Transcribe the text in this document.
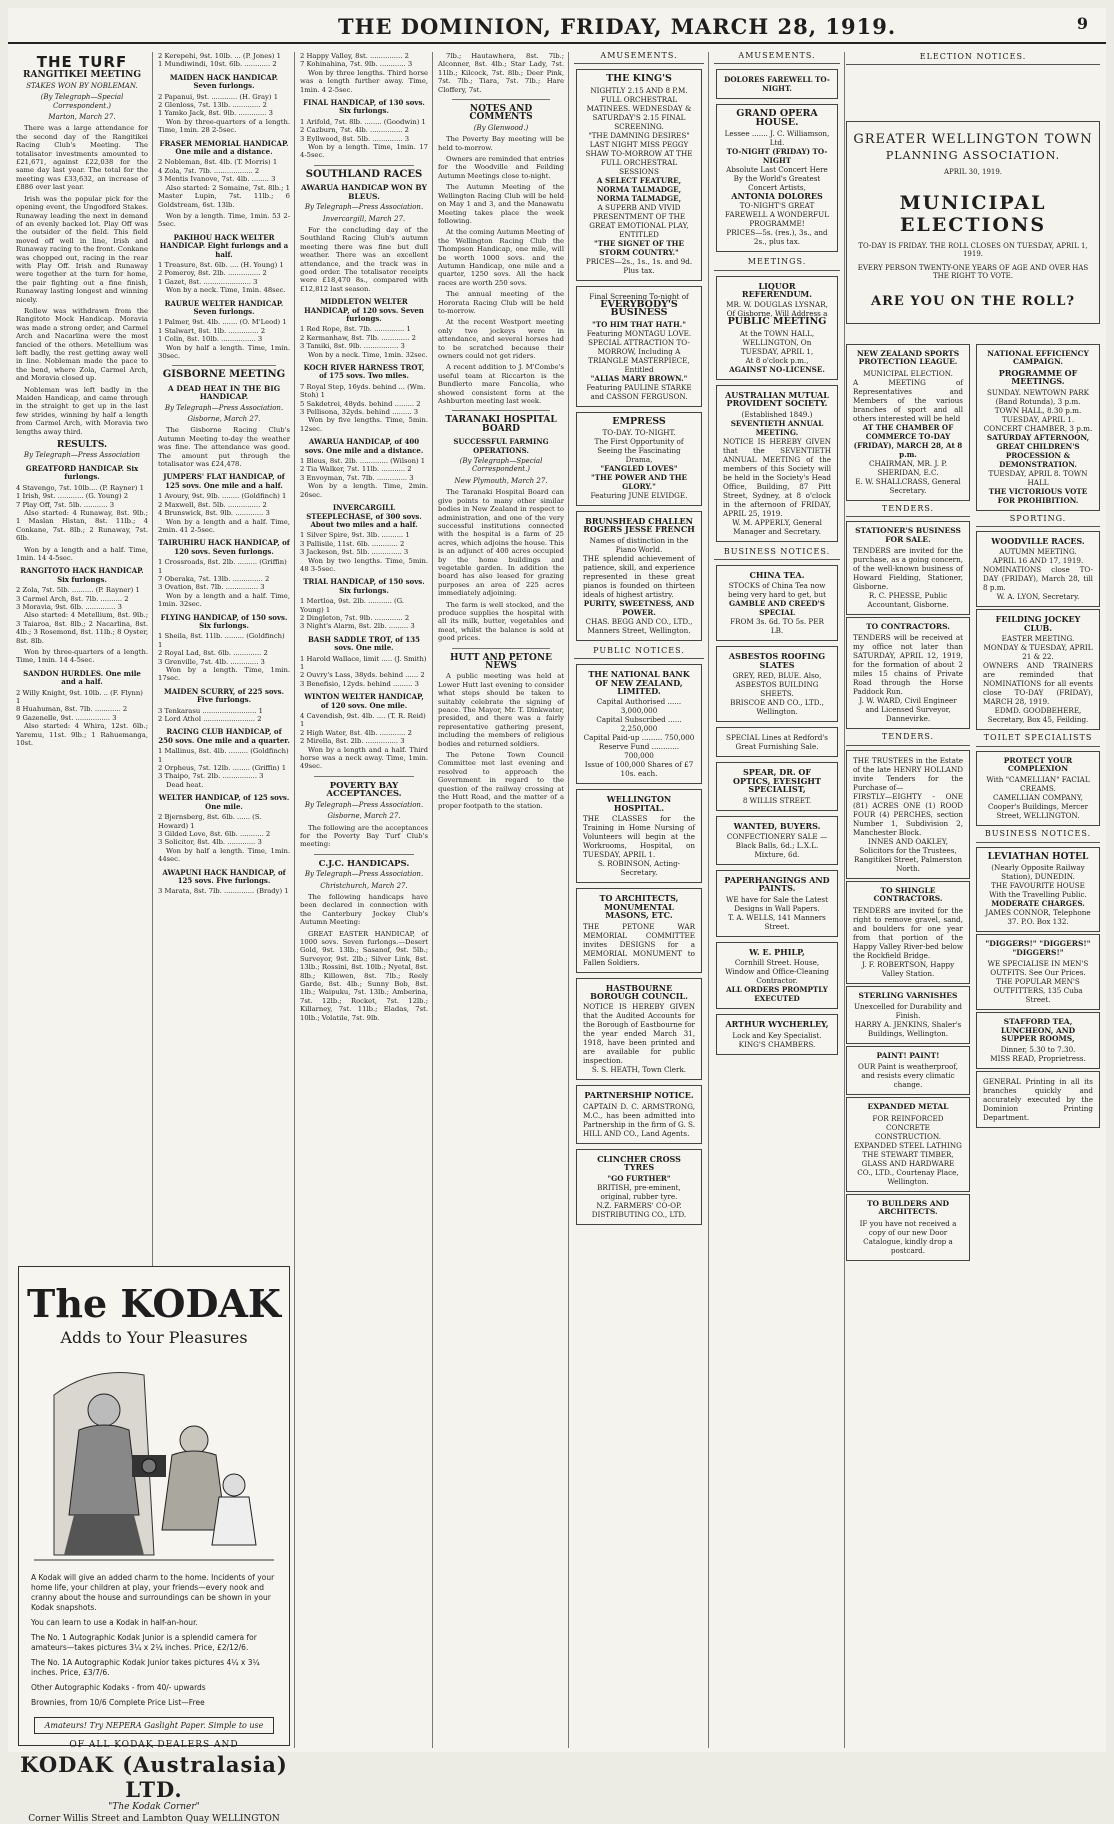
THE DOMINION, FRIDAY, MARCH 28, 1919.	9
THE TURF
RANGITIKEI MEETING
STAKES WON BY NOBLEMAN.
(By Telegraph—Special Correspondent.)
Marton, March 27.

There was a large attendance for the second day of the Rangitikei Racing Club's Meeting. The totalisator investments amounted to £21,671, against £22,038 for the same day last year. The total for the meeting was £33,632, an increase of £886 over last year.

Irish was the popular pick for the opening event, the Ungodford Stakes. Runaway leading the next in demand of an evenly backed lot. Play Off was the outsider of the field. This field moved off well in line, Irish and Runaway racing to the front. Conkane was chopped out, racing in the rear with Play Off. Irish and Runaway were together at the turn for home, the pair fighting out a fine finish, Runaway lasting longest and winning nicely.

Rollew was withdrawn from the Rangitoto Mock Handicap. Moravia was made a strong order, and Carmel Arch and Nacarlina were the most fancied of the others. Metellium was left badly, the rest getting away well in line. Nobleman made the pace to the bend, where Zola, Carmel Arch, and Moravia closed up.

Nobleman was left badly in the Maiden Handicap, and came through in the straight to get up in the last few strides, winning by half a length from Carmel Arch, with Moravia two lengths away third.

RESULTS.
By Telegraph—Press Association
GREATFORD HANDICAP. Six furlongs.
4 Stavengo, 7st. 10lb.... (P. Rayner) 1
1 Irish, 9st. ............ (G. Young) 2
7 Play Off, 7st. 5lb. ........... 3

Also started: 4 Runaway, 8st. 9lb.; 1 Maslan Histan, 8st. 11lb.; 4 Conkane, 7st. 8lb.; 2 Runaway, 7st. 6lb.

Won by a length and a half. Time, 1min. 14 4-5sec.

RANGITOTO HACK HANDICAP. Six furlongs.
2 Zola, 7st. 5lb. .......... (P. Rayner) 1
3 Carmel Arch, 8st. 7lb. .......... 2
3 Moravia, 9st. 6lb. .............. 3

Also started: 4 Metellium, 8st. 9lb.; 3 Taiaroa, 8st. 8lb.; 2 Nacarlina, 8st. 4lb.; 3 Rosemond, 8st. 11lb.; 8 Oyster, 8st. 8lb.

Won by three-quarters of a length. Time, 1min. 14 4-5sec.

SANDON HURDLES. One mile and a half.
2 Willy Knight, 9st. 10lb. .. (F. Flynn) 1
8 Huahuman, 8st. 7lb. ............ 2
9 Gazenelle, 9st. ................ 3

Also started: 4 Whira, 12st. 6lb.; Yaremu, 11st. 9lb.; 1 Rahuemanga, 10st.

The KODAK
Adds to Your Pleasures

A Kodak will give an added charm to the home. Incidents of your home life, your children at play, your friends—every nook and cranny about the house and surroundings can be shown in your Kodak snapshots.

You can learn to use a Kodak in half-an-hour.

The No. 1 Autographic Kodak Junior is a splendid camera for amateurs—takes pictures 3¼ x 2¼ inches. Price, £2/12/6.

The No. 1A Autographic Kodak Junior takes pictures 4¼ x 3¼ inches. Price, £3/7/6.

Other Autographic Kodaks - from 40/- upwards

Brownies, from 10/6 Complete Price List—Free

Amateurs! Try NEPERA Gaslight Paper. Simple to use
OF ALL KODAK DEALERS AND
KODAK (Australasia) LTD.
"The Kodak Corner"
Corner Willis Street and Lambton Quay WELLINGTON
2 Kerepehi, 9st. 10lb. ... (P. Jones) 1
1 Mundiwindi, 10st. 6lb. ............ 2
MAIDEN HACK HANDICAP. Seven furlongs.
2 Papanui, 9st. ............ (H. Gray) 1
2 Glenloss, 7st. 13lb. ............. 2
1 Yamko Jack, 8st. 9lb. ............. 3

Won by three-quarters of a length. Time, 1min. 28 2-5sec.

FRASER MEMORIAL HANDICAP. One mile and a distance.
2 Nobleman, 8st. 4lb. (T. Morris) 1
4 Zola, 7st. 7lb. .................. 2
3 Mentis Ivanove, 7st. 4lb. ........ 3

Also started: 2 Somaine, 7st. 8lb.; 1 Master Lupin, 7st. 11lb.; 6 Goldstream, 6st. 13lb.

Won by a length. Time, 1min. 53 2-5sec.

PAKIHOU HACK WELTER HANDICAP. Eight furlongs and a half.
1 Treasure, 8st. 6lb. .... (H. Young) 1
2 Pomeroy, 8st. 2lb. ............... 2
1 Gazet, 8st. ...................... 3

Won by a neck. Time, 1min. 48sec.

RAURUE WELTER HANDICAP. Seven furlongs.
1 Palmer, 9st. 4lb. ....... (O. M'Leod) 1
1 Stalwart, 8st. 1lb. .............. 2
1 Colin, 8st. 10lb. ................ 3

Won by half a length. Time, 1min. 30sec.

GISBORNE MEETING
A DEAD HEAT IN THE BIG HANDICAP.
By Telegraph—Press Association.
Gisborne, March 27.

The Gisborne Racing Club's Autumn Meeting to-day the weather was fine. The attendance was good. The amount put through the totalisator was £24,478.

JUMPERS' FLAT HANDICAP, of 125 sovs. One mile and a half.
1 Avoury, 9st. 9lb. ........ (Goldfinch) 1
2 Maxwell, 8st. 5lb. ............... 2
4 Brunswick, 8st. 9lb. ............. 3

Won by a length and a half. Time, 2min. 41 2-5sec.

TAIRUHIRU HACK HANDICAP, of 120 sovs. Seven furlongs.
1 Crossroads, 8st. 2lb. ......... (Griffin) 1
7 Oberaka, 7st. 13lb. .............. 2
3 Ovation, 8st. 7lb. ............... 3

Won by a length and a half. Time, 1min. 32sec.

FLYING HANDICAP, of 150 sovs. Six furlongs.
1 Sheila, 8st. 11lb. ......... (Goldfinch) 1
2 Royal Lad, 8st. 6lb. ............. 2
3 Grenville, 7st. 4lb. ............. 3

Won by a length. Time, 1min. 17sec.

MAIDEN SCURRY, of 225 sovs. Five furlongs.
3 Tenkarasu ......................... 1
2 Lord Athol ........................ 2
RACING CLUB HANDICAP, of 250 sovs. One mile and a quarter.
1 Mallinus, 8st. 4lb. ......... (Goldfinch) 1
2 Orpheus, 7st. 12lb. ........ (Griffin) 1
3 Thaipo, 7st. 2lb. ................ 3

Dead heat.

WELTER HANDICAP, of 125 sovs. One mile.
2 Bjernsberg, 8st. 6lb. ...... (S. Howard) 1
3 Gilded Love, 8st. 6lb. ........... 2
3 Solicitor, 8st. 4lb. ............. 3

Won by half a length. Time, 1min. 44sec.

AWAPUNI HACK HANDICAP, of 125 sovs. Five furlongs.
3 Marata, 8st. 7lb. .............. (Brady) 1
2 Happy Valley, 8st. ............... 2
7 Kohinahina, 7st. 9lb. ............ 3

Won by three lengths. Third horse was a length further away. Time, 1min. 4 2-5sec.

FINAL HANDICAP, of 130 sovs. Six furlongs.
1 Arifold, 7st. 8lb. ........ (Goodwin) 1
2 Cazburn, 7st. 4lb. ............... 2
3 Eyllwood, 8st. 5lb. .............. 3

Won by a length. Time, 1min. 17 4-5sec.

SOUTHLAND RACES
AWARUA HANDICAP WON BY BLEUS.
By Telegraph—Press Association.
Invercargill, March 27.

For the concluding day of the Southland Racing Club's autumn meeting there was fine but dull weather. There was an excellent attendance, and the track was in good order. The totalisator receipts were £18,470 8s., compared with £12,812 last season.

MIDDLETON WELTER HANDICAP, of 120 sovs. Seven furlongs.
1 Red Rope, 8st. 7lb. .............. 1
2 Kermanhaw, 8st. 7lb. ............. 2
3 Tamiki, 8st. 9lb. ................ 3

Won by a neck. Time, 1min. 32sec.

KOCH RIVER HARNESS TROT, of 175 sovs. Two miles.
7 Royal Step, 16yds. behind ... (Wm. Stoh) 1
5 Sakdetrei, 48yds. behind ......... 2
3 Pellisona, 32yds. behind ......... 3

Won by five lengths. Time, 5min. 12sec.

AWARUA HANDICAP, of 400 sovs. One mile and a distance.
1 Bleus, 8st. 2lb. ............. (Wilson) 1
2 Tia Walker, 7st. 11lb. ........... 2
3 Envoyman, 7st. 7lb. .............. 3

Won by a length. Time, 2min. 26sec.

INVERCARGILL STEEPLECHASE, of 300 sovs. About two miles and a half.
1 Silver Spire, 9st. 3lb. .......... 1
3 Pallisile, 11st. 6lb. ............ 2
3 Jackeson, 9st. 5lb. .............. 3

Won by two lengths. Time, 5min. 48 3-5sec.

TRIAL HANDICAP, of 150 sovs. Six furlongs.
1 Mertloa, 9st. 2lb. ........... (G. Young) 1
2 Dingleton, 7st. 9lb. ............. 2
3 Night's Alarm, 8st. 2lb. ......... 3
BASH SADDLE TROT, of 135 sovs. One mile.
1 Harold Wallace, limit ..... (J. Smith) 1
2 Ouvry's Lass, 38yds. behind ...... 2
3 Benefisio, 12yds. behind ......... 3
WINTON WELTER HANDICAP, of 120 sovs. One mile.
4 Cavendish, 9st. 4lb. .... (T. R. Reid) 1
2 High Water, 8st. 4lb. ............ 2
2 Mirella, 8st. 2lb. ............... 3

Won by a length and a half. Third horse was a neck away. Time, 1min. 49sec.

POVERTY BAY ACCEPTANCES.
By Telegraph—Press Association.
Gisborne, March 27.

The following are the acceptances for the Poverty Bay Turf Club's meeting:

C.J.C. HANDICAPS.
By Telegraph—Press Association.
Christchurch, March 27.

The following handicaps have been declared in connection with the Canterbury Jockey Club's Autumn Meeting:

GREAT EASTER HANDICAP, of 1000 sovs. Seven furlongs.—Desert Gold, 9st. 13lb.; Sasanof, 9st. 5lb.; Surveyor, 9st. 2lb.; Silver Link, 8st. 13lb.; Rossini, 8st. 10lb.; Nyetal, 8st. 8lb.; Killowen, 8st. 7lb.; Reely Garde, 8st. 4lb.; Sunny Bob, 8st. 1lb.; Waipuku, 7st. 13lb.; Amberina, 7st. 12lb.; Rocket, 7st. 12lb.; Killarney, 7st. 11lb.; Eladas, 7st. 10lb.; Volatile, 7st. 9lb.

7lb.; Hautawhera, 8st. 7lb.; Alconner, 8st. 4lb.; Star Lady, 7st. 11lb.; Kilcock, 7st. 8lb.; Deer Pink, 7st. 7lb.; Tiara, 7st. 7lb.; Hare Cloffery, 7st.

NOTES AND COMMENTS
(By Glenwood.)

The Poverty Bay meeting will be held to-morrow.

Owners are reminded that entries for the Woodville and Feilding Autumn Meetings close to-night.

The Autumn Meeting of the Wellington Racing Club will be held on May 1 and 3, and the Manawatu Meeting takes place the week following.

At the coming Autumn Meeting of the Wellington Racing Club the Thompson Handicap, one mile, will be worth 1000 sovs. and the Autumn Handicap, one mile and a quarter, 1250 sovs. All the hack races are worth 250 sovs.

The annual meeting of the Hororata Racing Club will be held to-morrow.

At the recent Westport meeting only two jockeys were in attendance, and several horses had to be scratched because their owners could not get riders.

A recent addition to J. M'Combe's useful team at Riccarton is the Bundlerto mare Fancolia, who showed consistent form at the Ashburton meeting last week.

TARANAKI HOSPITAL BOARD
SUCCESSFUL FARMING OPERATIONS.
(By Telegraph—Special Correspondent.)
New Plymouth, March 27.

The Taranaki Hospital Board can give points to many other similar bodies in New Zealand in respect to administration, and one of the very successful institutions connected with the hospital is a farm of 25 acres, which adjoins the house. This is an adjunct of 400 acres occupied by the home buildings and vegetable garden. In addition the board has also leased for grazing purposes an area of 225 acres immediately adjoining.

The farm is well stocked, and the produce supplies the hospital with all its milk, butter, vegetables and meat, whilst the balance is sold at good prices.

HUTT AND PETONE NEWS

A public meeting was held at Lower Hutt last evening to consider what steps should be taken to suitably celebrate the signing of peace. The Mayor, Mr. T. Dinkwater, presided, and there was a fairly representative gathering present, including the members of religious bodies and returned soldiers.

The Petone Town Council Committee met last evening and resolved to approach the Government in regard to the question of the railway crossing at the Hutt Road, and the matter of a proper footpath to the station.

AMUSEMENTS.
THE KING'S
NIGHTLY 2.15 AND 8 P.M. FULL ORCHESTRAL MATINEES. WEDNESDAY & SATURDAY'S 2.15 FINAL SCREENING.
"THE DAMNING DESIRES"
LAST NIGHT MISS PEGGY SHAW TO-MORROW AT THE FULL ORCHESTRAL SESSIONS
A SELECT FEATURE, NORMA TALMADGE, NORMA TALMADGE,
A SUPERB AND VIVID PRESENTMENT OF THE GREAT EMOTIONAL PLAY, ENTITLED
"THE SIGNET OF THE STORM COUNTRY."
PRICES—2s., 1s., 1s. and 9d. Plus tax.
Final Screening To-night of
EVERYBODY'S BUSINESS
"TO HIM THAT HATH."
Featuring MONTAGU LOVE.
SPECIAL ATTRACTION TO-MORROW, Including A TRIANGLE MASTERPIECE, Entitled
"ALIAS MARY BROWN."
Featuring PAULINE STARKE and CASSON FERGUSON.
EMPRESS
TO-DAY. TO-NIGHT.
The First Opportunity of Seeing the Fascinating Drama,
"FANGLED LOVES"
"THE POWER AND THE GLORY."
Featuring JUNE ELVIDGE.
BRUNSHEAD CHALLEN ROGERS JESSE FRENCH
Names of distinction in the Piano World.
THE splendid achievement of patience, skill, and experience represented in these great pianos is founded on thirteen ideals of highest artistry.
PURITY, SWEETNESS, AND POWER.
CHAS. BEGG AND CO., LTD., Manners Street, Wellington.
PUBLIC NOTICES.
THE NATIONAL BANK OF NEW ZEALAND, LIMITED.
Capital Authorised ...... 3,000,000
Capital Subscribed ...... 2,250,000
Capital Paid-up ......... 750,000
Reserve Fund ............ 700,000
Issue of 100,000 Shares of £7 10s. each.
WELLINGTON HOSPITAL.
THE CLASSES for the Training in Home Nursing of Volunteers will begin at the Workrooms, Hospital, on TUESDAY, APRIL 1.
S. ROBINSON, Acting-Secretary.
TO ARCHITECTS, MONUMENTAL MASONS, ETC.
THE PETONE WAR MEMORIAL COMMITTEE invites DESIGNS for a MEMORIAL MONUMENT to Fallen Soldiers.
HASTBOURNE BOROUGH COUNCIL.
NOTICE IS HEREBY GIVEN that the Audited Accounts for the Borough of Eastbourne for the year ended March 31, 1918, have been printed and are available for public inspection.
S. S. HEATH, Town Clerk.
PARTNERSHIP NOTICE.
CAPTAIN D. C. ARMSTRONG, M.C., has been admitted into Partnership in the firm of G. S. HILL AND CO., Land Agents.
CLINCHER CROSS TYRES
"GO FURTHER"
BRITISH, pre-eminent, original, rubber tyre.
N.Z. FARMERS' CO-OP. DISTRIBUTING CO., LTD.
AMUSEMENTS.
DOLORES FAREWELL TO-NIGHT.
GRAND OPERA HOUSE.
Lessee ....... J. C. Williamson, Ltd.
TO-NIGHT (FRIDAY) TO-NIGHT
Absolute Last Concert Here By the World's Greatest Concert Artists,
ANTONIA DOLORES
TO-NIGHT'S GREAT FAREWELL A WONDERFUL PROGRAMME!
PRICES—5s. (res.), 3s., and 2s., plus tax.
MEETINGS.
LIQUOR REFERENDUM.
MR. W. DOUGLAS LYSNAR, Of Gisborne, Will Address a
PUBLIC MEETING
At the TOWN HALL, WELLINGTON, On TUESDAY, APRIL 1,
At 8 o'clock p.m.,
AGAINST NO-LICENSE.
AUSTRALIAN MUTUAL PROVIDENT SOCIETY.
(Established 1849.)
SEVENTIETH ANNUAL MEETING.
NOTICE IS HEREBY GIVEN that the SEVENTIETH ANNUAL MEETING of the members of this Society will be held in the Society's Head Office, Building, 87 Pitt Street, Sydney, at 8 o'clock in the afternoon of FRIDAY, APRIL 25, 1919.
W. M. APPERLY, General Manager and Secretary.
BUSINESS NOTICES.
CHINA TEA.
STOCKS of China Tea now being very hard to get, but
GAMBLE AND CREED'S SPECIAL
FROM 3s. 6d. TO 5s. PER LB.
ASBESTOS ROOFING SLATES
GREY, RED, BLUE. Also, ASBESTOS BUILDING SHEETS.
BRISCOE AND CO., LTD., Wellington.
SPECIAL Lines at Redford's Great Furnishing Sale.
SPEAR, DR. OF OPTICS, EYESIGHT SPECIALIST,
8 WILLIS STREET.
WANTED, BUYERS.
CONFECTIONERY SALE — Black Balls, 6d.; L.X.L. Mixture, 6d.
PAPERHANGINGS AND PAINTS.
WE have for Sale the Latest Designs in Wall Papers.
T. A. WELLS, 141 Manners Street.
W. E. PHILP,
Cornhill Street. House, Window and Office-Cleaning Contractor.
ALL ORDERS PROMPTLY EXECUTED
ARTHUR WYCHERLEY,
Lock and Key Specialist.
KING'S CHAMBERS.
ELECTION NOTICES.
GREATER WELLINGTON TOWN
PLANNING ASSOCIATION.
APRIL 30, 1919.
MUNICIPAL ELECTIONS
TO-DAY IS FRIDAY. THE ROLL CLOSES ON TUESDAY, APRIL 1, 1919.
EVERY PERSON TWENTY-ONE YEARS OF AGE AND OVER HAS THE RIGHT TO VOTE.
ARE YOU ON THE ROLL?
NEW ZEALAND SPORTS PROTECTION LEAGUE.
MUNICIPAL ELECTION.
A MEETING of Representatives and Members of the various branches of sport and all others interested will be held
AT THE CHAMBER OF COMMERCE TO-DAY (FRIDAY), MARCH 28, At 8 p.m.
CHAIRMAN, MR. J. P. SHERIDAN, E.C.
E. W. SHALLCRASS, General Secretary.
TENDERS.
STATIONER'S BUSINESS FOR SALE.
TENDERS are invited for the purchase, as a going concern, of the well-known business of Howard Fielding, Stationer, Gisborne.
R. C. PHESSE, Public Accountant, Gisborne.
TO CONTRACTORS.
TENDERS will be received at my office not later than SATURDAY, APRIL 12, 1919, for the formation of about 2 miles 15 chains of Private Road through the Horse Paddock Run.
J. W. WARD, Civil Engineer and Licensed Surveyor, Dannevirke.
TENDERS.
THE TRUSTEES in the Estate of the late HENRY HOLLAND invite Tenders for the Purchase of—
FIRSTLY—EIGHTY - ONE (81) ACRES ONE (1) ROOD FOUR (4) PERCHES, section Number 1, Subdivision 2, Manchester Block.
INNES AND OAKLEY, Solicitors for the Trustees, Rangitikei Street, Palmerston North.
TO SHINGLE CONTRACTORS.
TENDERS are invited for the right to remove gravel, sand, and boulders for one year from that portion of the Happy Valley River-bed below the Rockfield Bridge.
J. F. ROBERTSON, Happy Valley Station.
STERLING VARNISHES
Unexcelled for Durability and Finish.
HARRY A. JENKINS, Shaler's Buildings, Wellington.
PAINT! PAINT!
OUR Paint is weatherproof, and resists every climatic change.
EXPANDED METAL
FOR REINFORCED CONCRETE CONSTRUCTION. EXPANDED STEEL LATHING
THE STEWART TIMBER, GLASS AND HARDWARE CO., LTD., Courtenay Place, Wellington.
TO BUILDERS AND ARCHITECTS.
IF you have not received a copy of our new Door Catalogue, kindly drop a postcard.
NATIONAL EFFICIENCY CAMPAIGN.
PROGRAMME OF MEETINGS.
SUNDAY. NEWTOWN PARK (Band Rotunda), 3 p.m.
TOWN HALL, 8.30 p.m.
TUESDAY, APRIL 1. CONCERT CHAMBER, 3 p.m.
SATURDAY AFTERNOON, GREAT CHILDREN'S PROCESSION & DEMONSTRATION.
TUESDAY, APRIL 8. TOWN HALL
THE VICTORIOUS VOTE FOR PROHIBITION.
SPORTING.
WOODVILLE RACES.
AUTUMN MEETING.
APRIL 16 AND 17, 1919.
NOMINATIONS close TO-DAY (FRIDAY), March 28, till 8 p.m.
W. A. LYON, Secretary.
FEILDING JOCKEY CLUB.
EASTER MEETING.
MONDAY & TUESDAY, APRIL 21 & 22.
OWNERS AND TRAINERS are reminded that NOMINATIONS for all events close TO-DAY (FRIDAY), MARCH 28, 1919.
EDMD. GOODBEHERE, Secretary, Box 45, Feilding.
TOILET SPECIALISTS
PROTECT YOUR COMPLEXION
With "CAMELLIAN" FACIAL CREAMS.
CAMELLIAN COMPANY, Cooper's Buildings, Mercer Street, WELLINGTON.
BUSINESS NOTICES.
LEVIATHAN HOTEL
(Nearly Opposite Railway Station), DUNEDIN.
THE FAVOURITE HOUSE With the Travelling Public.
MODERATE CHARGES.
JAMES CONNOR, Telephone 37. P.O. Box 132.
"DIGGERS!" "DIGGERS!" "DIGGERS!"
WE SPECIALISE IN MEN'S OUTFITS. See Our Prices.
THE POPULAR MEN'S OUTFITTERS, 135 Cuba Street.
STAFFORD TEA, LUNCHEON, AND SUPPER ROOMS,
Dinner, 5.30 to 7.30.
MISS READ, Proprietress.
GENERAL Printing in all its branches quickly and accurately executed by the Dominion Printing Department.
